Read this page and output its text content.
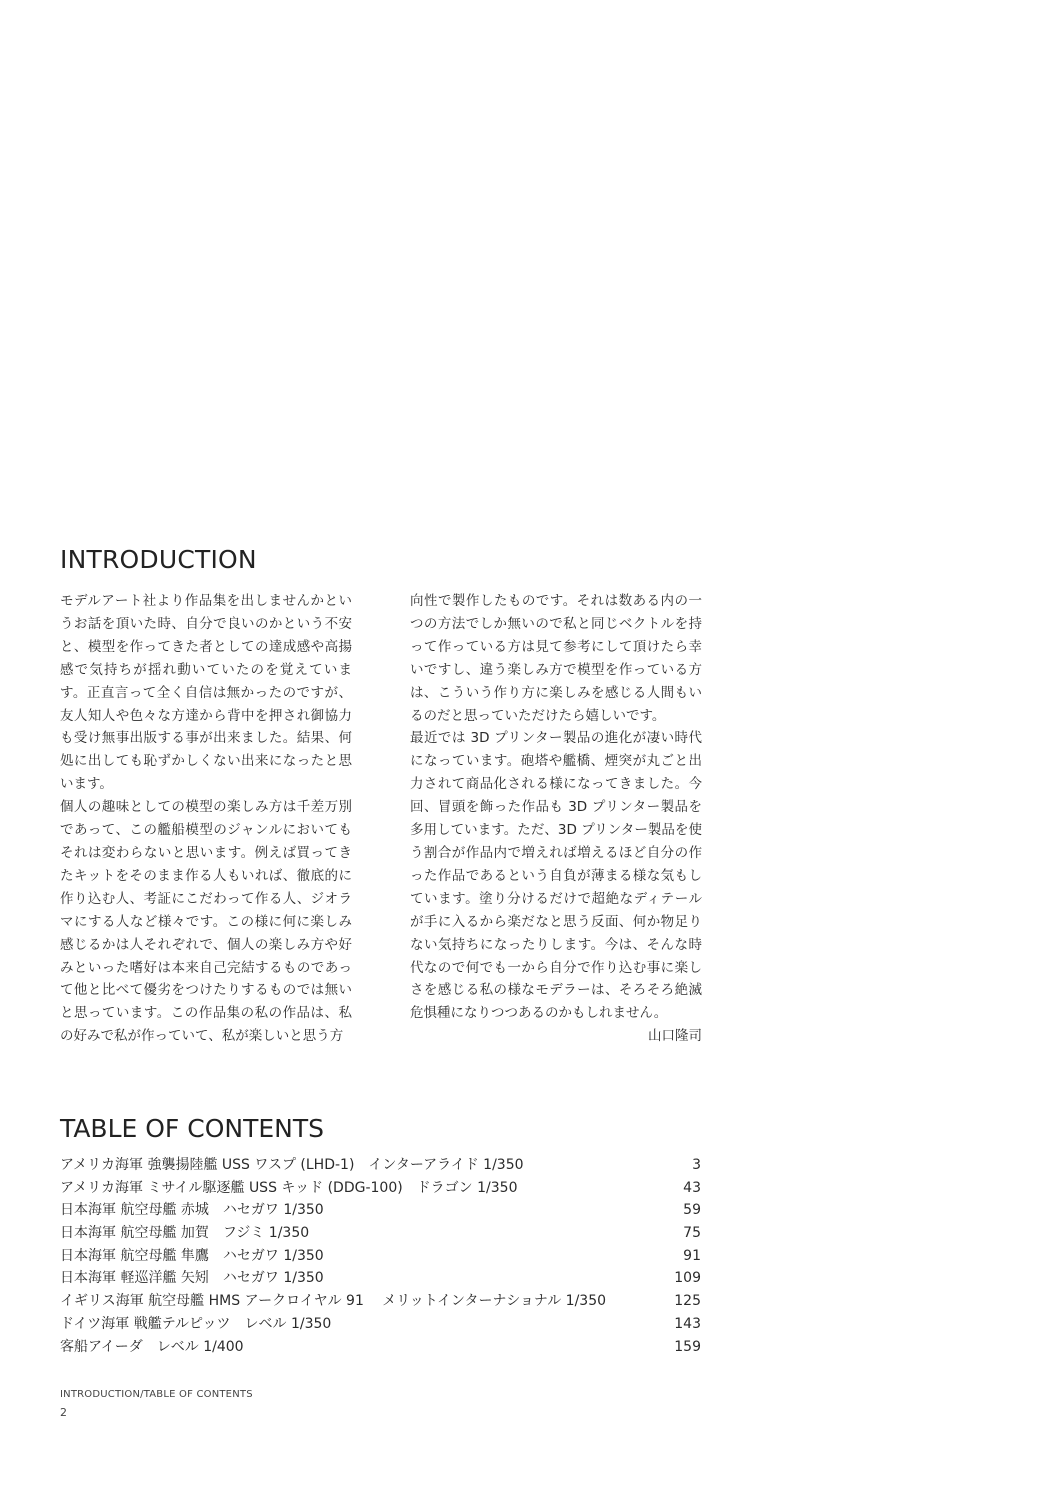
INTRODUCTION

モデルアート社より作品集を出しませんかというお話を頂いた時、自分で良いのかという不安と、模型を作ってきた者としての達成感や高揚感で気持ちが揺れ動いていたのを覚えています。正直言って全く自信は無かったのですが、友人知人や色々な方達から背中を押され御協力も受け無事出版する事が出来ました。結果、何処に出しても恥ずかしくない出来になったと思います。

個人の趣味としての模型の楽しみ方は千差万別であって、この艦船模型のジャンルにおいてもそれは変わらないと思います。例えば買ってきたキットをそのまま作る人もいれば、徹底的に作り込む人、考証にこだわって作る人、ジオラマにする人など様々です。この様に何に楽しみ感じるかは人それぞれで、個人の楽しみ方や好みといった嗜好は本来自己完結するものであって他と比べて優劣をつけたりするものでは無いと思っています。この作品集の私の作品は、私の好みで私が作っていて、私が楽しいと思う方

向性で製作したものです。それは数ある内の一つの方法でしか無いので私と同じベクトルを持って作っている方は見て参考にして頂けたら幸いですし、違う楽しみ方で模型を作っている方は、こういう作り方に楽しみを感じる人間もいるのだと思っていただけたら嬉しいです。

最近では 3D プリンター製品の進化が凄い時代になっています。砲塔や艦橋、煙突が丸ごと出力されて商品化される様になってきました。今回、冒頭を飾った作品も 3D プリンター製品を多用しています。ただ、3D プリンター製品を使う割合が作品内で増えれば増えるほど自分の作った作品であるという自負が薄まる様な気もしています。塗り分けるだけで超絶なディテールが手に入るから楽だなと思う反面、何か物足りない気持ちになったりします。今は、そんな時代なので何でも一から自分で作り込む事に楽しさを感じる私の様なモデラーは、そろそろ絶滅危惧種になりつつあるのかもしれません。

山口隆司

TABLE OF CONTENTS
アメリカ海軍 強襲揚陸艦 USS ワスプ (LHD-1)　インターアライド 1/350	3
アメリカ海軍 ミサイル駆逐艦 USS キッド (DDG-100)　ドラゴン 1/350	43
日本海軍 航空母艦 赤城　ハセガワ 1/350	59
日本海軍 航空母艦 加賀　フジミ 1/350	75
日本海軍 航空母艦 隼鷹　ハセガワ 1/350	91
日本海軍 軽巡洋艦 矢矧　ハセガワ 1/350	109
イギリス海軍 航空母艦 HMS アークロイヤル 91　 メリットインターナショナル 1/350	125
ドイツ海軍 戦艦テルピッツ　レベル 1/350	143
客船アイーダ　レベル 1/400	159
INTRODUCTION/TABLE OF CONTENTS
2
